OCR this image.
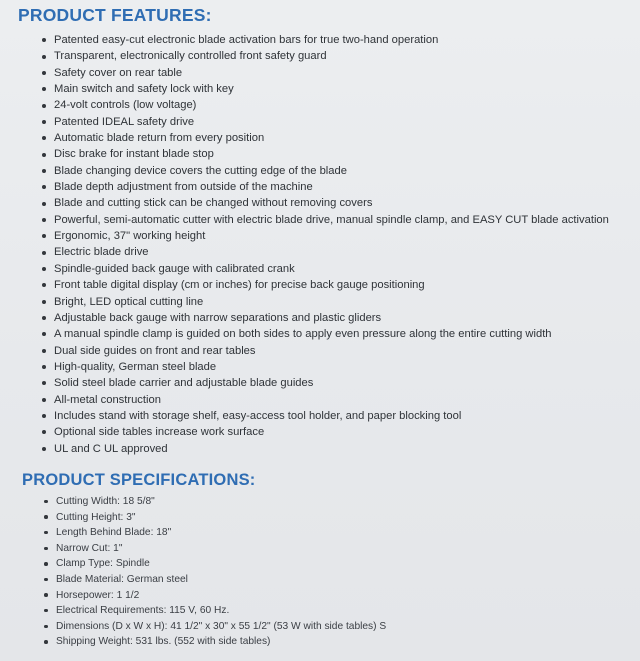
PRODUCT FEATURES:
Patented easy-cut electronic blade activation bars for true two-hand operation
Transparent, electronically controlled front safety guard
Safety cover on rear table
Main switch and safety lock with key
24-volt controls (low voltage)
Patented IDEAL safety drive
Automatic blade return from every position
Disc brake for instant blade stop
Blade changing device covers the cutting edge of the blade
Blade depth adjustment from outside of the machine
Blade and cutting stick can be changed without removing covers
Powerful, semi-automatic cutter with electric blade drive, manual spindle clamp, and EASY CUT blade activation
Ergonomic, 37" working height
Electric blade drive
Spindle-guided back gauge with calibrated crank
Front table digital display (cm or inches) for precise back gauge positioning
Bright, LED optical cutting line
Adjustable back gauge with narrow separations and plastic gliders
A manual spindle clamp is guided on both sides to apply even pressure along the entire cutting width
Dual side guides on front and rear tables
High-quality, German steel blade
Solid steel blade carrier and adjustable blade guides
All-metal construction
Includes stand with storage shelf, easy-access tool holder, and paper blocking tool
Optional side tables increase work surface
UL and C UL approved
PRODUCT SPECIFICATIONS:
Cutting Width: 18 5/8"
Cutting Height: 3"
Length Behind Blade: 18"
Narrow Cut: 1"
Clamp Type: Spindle
Blade Material: German steel
Horsepower: 1 1/2
Electrical Requirements: 115 V, 60 Hz.
Dimensions (D x W x H): 41 1/2" x 30" x 55 1/2" (53 W with side tables) S
Shipping Weight: 531 lbs. (552 with side tables)
